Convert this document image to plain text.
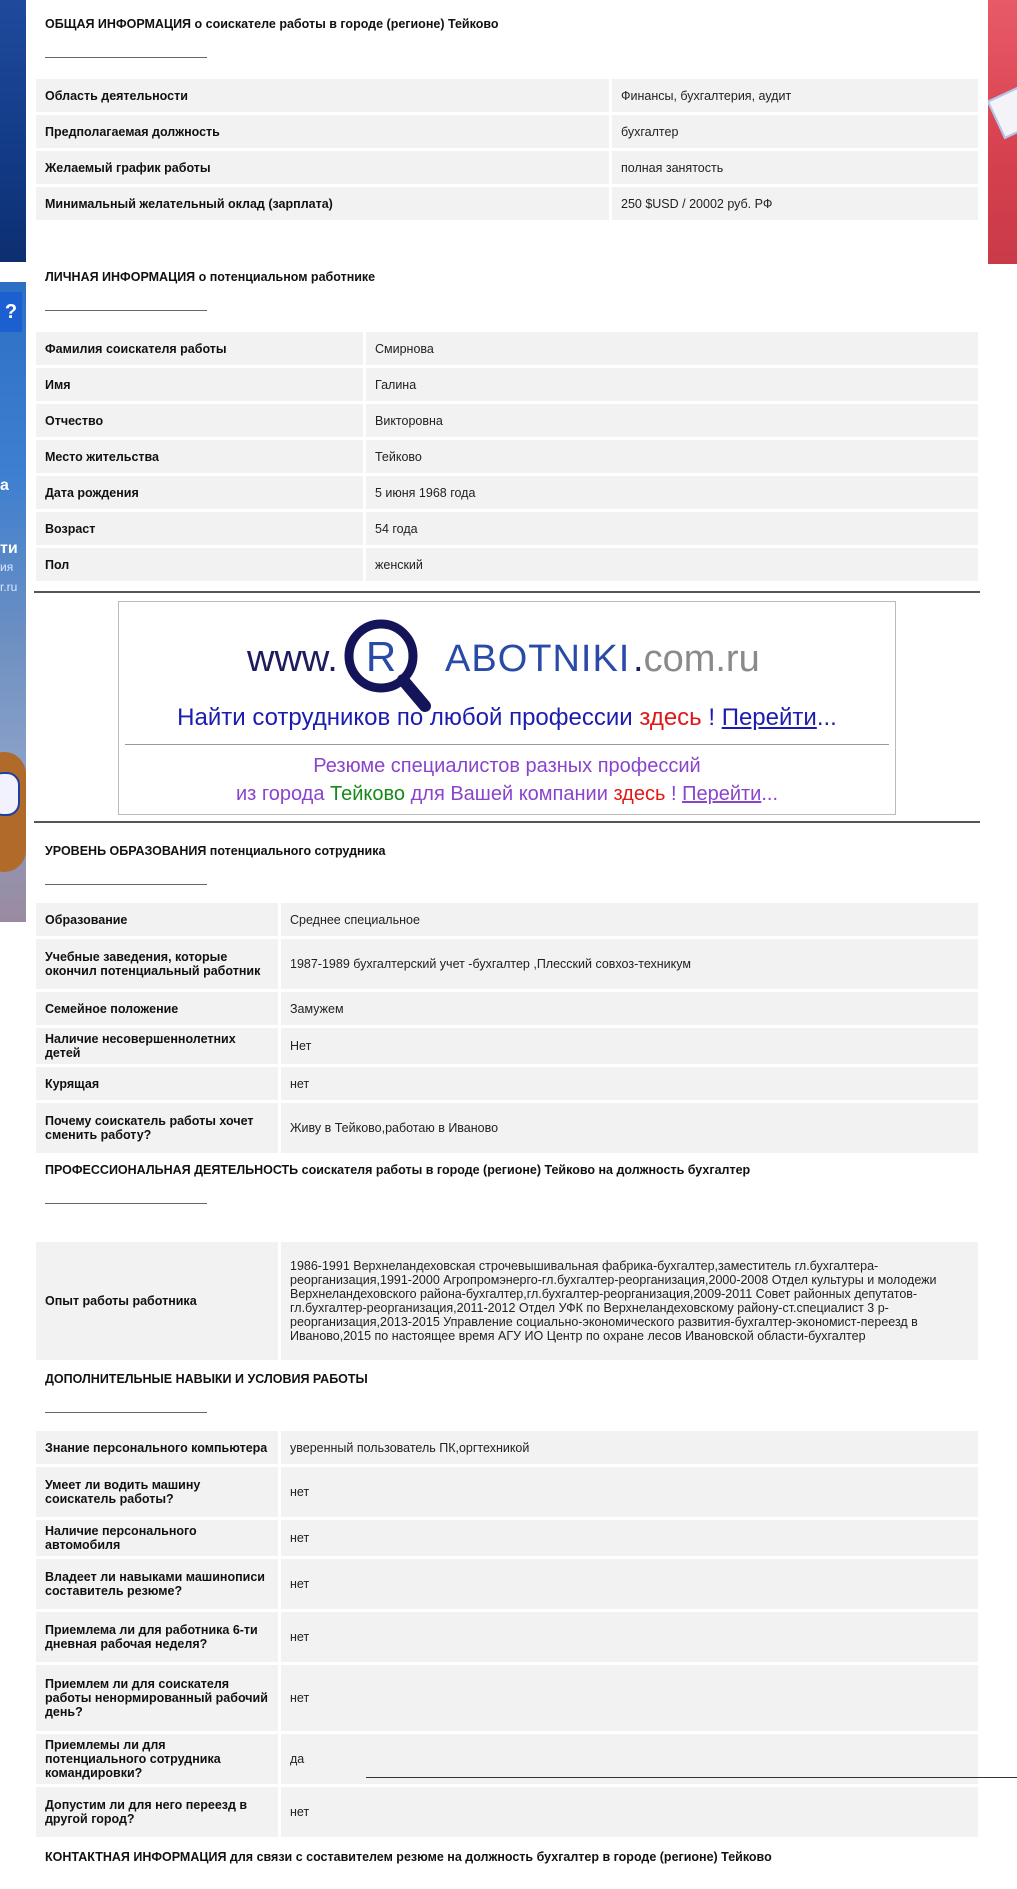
?
а
ти
ия
r.ru
ОБЩАЯ ИНФОРМАЦИЯ о соискателе работы в городе (регионе) Тейково
Область деятельности	Финансы, бухгалтерия, аудит
Предполагаемая должность	бухгалтер
Желаемый график работы	полная занятость
Минимальный желательный оклад (зарплата)	250 $USD / 20002 руб. РФ
ЛИЧНАЯ ИНФОРМАЦИЯ о потенциальном работнике
Фамилия соискателя работы	Смирнова
Имя	Галина
Отчество	Викторовна
Место жительства	Тейково
Дата рождения	5 июня 1968 года
Возраст	54 года
Пол	женский
www. R ABOTNIKI .com.ru
Найти сотрудников по любой профессии здесь ! Перейти...
Резюме специалистов разных профессий
из города Тейково для Вашей компании здесь ! Перейти...
УРОВЕНЬ ОБРАЗОВАНИЯ потенциального сотрудника
Образование	Среднее специальное
Учебные заведения, которые окончил потенциальный работник	1987-1989 бухгалтерский учет -бухгалтер ,Плесский совхоз-техникум
Семейное положение	Замужем
Наличие несовершеннолетних детей	Нет
Курящая	нет
Почему соискатель работы хочет сменить работу?	Живу в Тейково,работаю в Иваново
ПРОФЕССИОНАЛЬНАЯ ДЕЯТЕЛЬНОСТЬ соискателя работы в городе (регионе) Тейково на должность бухгалтер
Опыт работы работника	1986-1991 Верхнеландеховская строчевышивальная фабрика-бухгалтер,заместитель гл.бухгалтера-реорганизация,1991-2000 Агропромэнерго-гл.бухгалтер-реорганизация,2000-2008 Отдел культуры и молодежи Верхнеландеховского района-бухгалтер,гл.бухгалтер-реорганизация,2009-2011 Совет районных депутатов-гл.бухгалтер-реорганизация,2011-2012 Отдел УФК по Верхнеландеховскому району-ст.специалист 3 р-реорганизация,2013-2015 Управление социально-экономического развития-бухгалтер-экономист-переезд в Иваново,2015 по настоящее время АГУ ИО Центр по охране лесов Ивановской области-бухгалтер
ДОПОЛНИТЕЛЬНЫЕ НАВЫКИ И УСЛОВИЯ РАБОТЫ
Знание персонального компьютера	уверенный пользователь ПК,оргтехникой
Умеет ли водить машину соискатель работы?	нет
Наличие персонального автомобиля	нет
Владеет ли навыками машинописи составитель резюме?	нет
Приемлема ли для работника 6-ти дневная рабочая неделя?	нет
Приемлем ли для соискателя работы ненормированный рабочий день?	нет
Приемлемы ли для потенциального сотрудника командировки?	да
Допустим ли для него переезд в другой город?	нет
КОНТАКТНАЯ ИНФОРМАЦИЯ для связи с составителем резюме на должность бухгалтер в городе (регионе) Тейково
